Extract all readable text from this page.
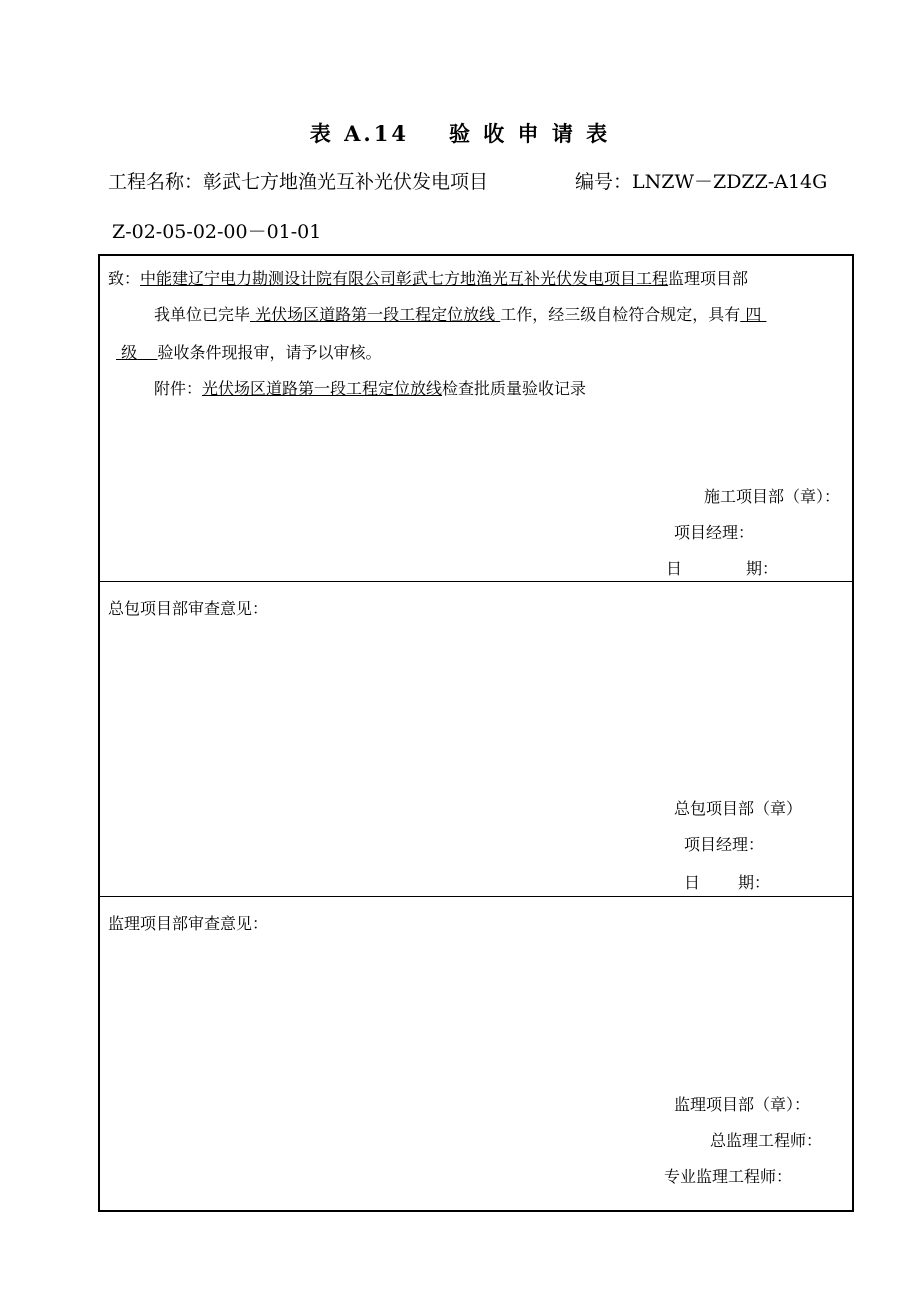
表 A.14 验 收 申 请 表
工程名称：彰武七方地渔光互补光伏发电项目	编号：LNZW－ZDZZ-A14G
Z-02-05-02-00－01-01
致：中能建辽宁电力勘测设计院有限公司彰武七方地渔光互补光伏发电项目工程监理项目部
我单位已完毕 光伏场区道路第一段工程定位放线 工作，经三级自检符合规定，具有 四
级 验收条件现报审，请予以审核。
附件：光伏场区道路第一段工程定位放线检查批质量验收记录
施工项目部（章）：
项目经理：
日	期：
总包项目部审查意见：
总包项目部（章）
项目经理：
日 期：
监理项目部审查意见：
监理项目部（章）：
总监理工程师：
专业监理工程师：
